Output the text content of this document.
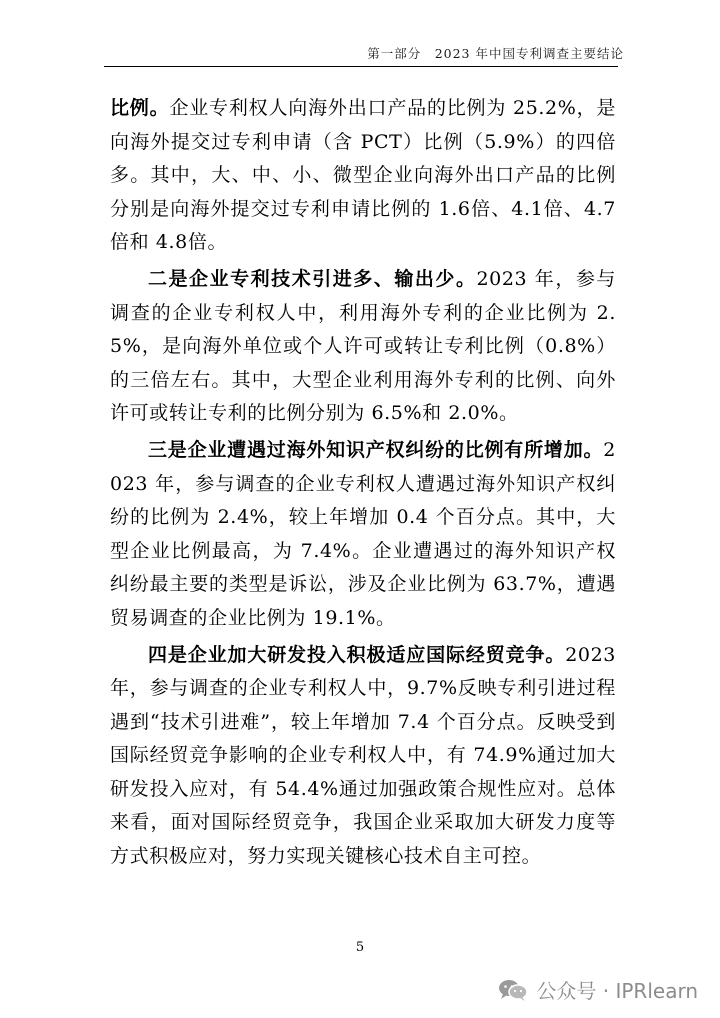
第一部分　2023 年中国专利调查主要结论

比例。企业专利权人向海外出口产品的比例为 25.2%，是向海外提交过专利申请（含 PCT）比例（5.9%）的四倍多。其中，大、中、小、微型企业向海外出口产品的比例分别是向海外提交过专利申请比例的 1.6倍、4.1倍、4.7倍和 4.8倍。

二是企业专利技术引进多、输出少。2023 年，参与调查的企业专利权人中，利用海外专利的企业比例为 2.5%，是向海外单位或个人许可或转让专利比例（0.8%）的三倍左右。其中，大型企业利用海外专利的比例、向外许可或转让专利的比例分别为 6.5%和 2.0%。

三是企业遭遇过海外知识产权纠纷的比例有所增加。2023 年，参与调查的企业专利权人遭遇过海外知识产权纠纷的比例为 2.4%，较上年增加 0.4 个百分点。其中，大型企业比例最高，为 7.4%。企业遭遇过的海外知识产权纠纷最主要的类型是诉讼，涉及企业比例为 63.7%，遭遇贸易调查的企业比例为 19.1%。

四是企业加大研发投入积极适应国际经贸竞争。2023 年，参与调查的企业专利权人中，9.7%反映专利引进过程遇到“技术引进难”，较上年增加 7.4 个百分点。反映受到国际经贸竞争影响的企业专利权人中，有 74.9%通过加大研发投入应对，有 54.4%通过加强政策合规性应对。总体来看，面对国际经贸竞争，我国企业采取加大研发力度等方式积极应对，努力实现关键核心技术自主可控。

5
公众号 · IPRlearn
